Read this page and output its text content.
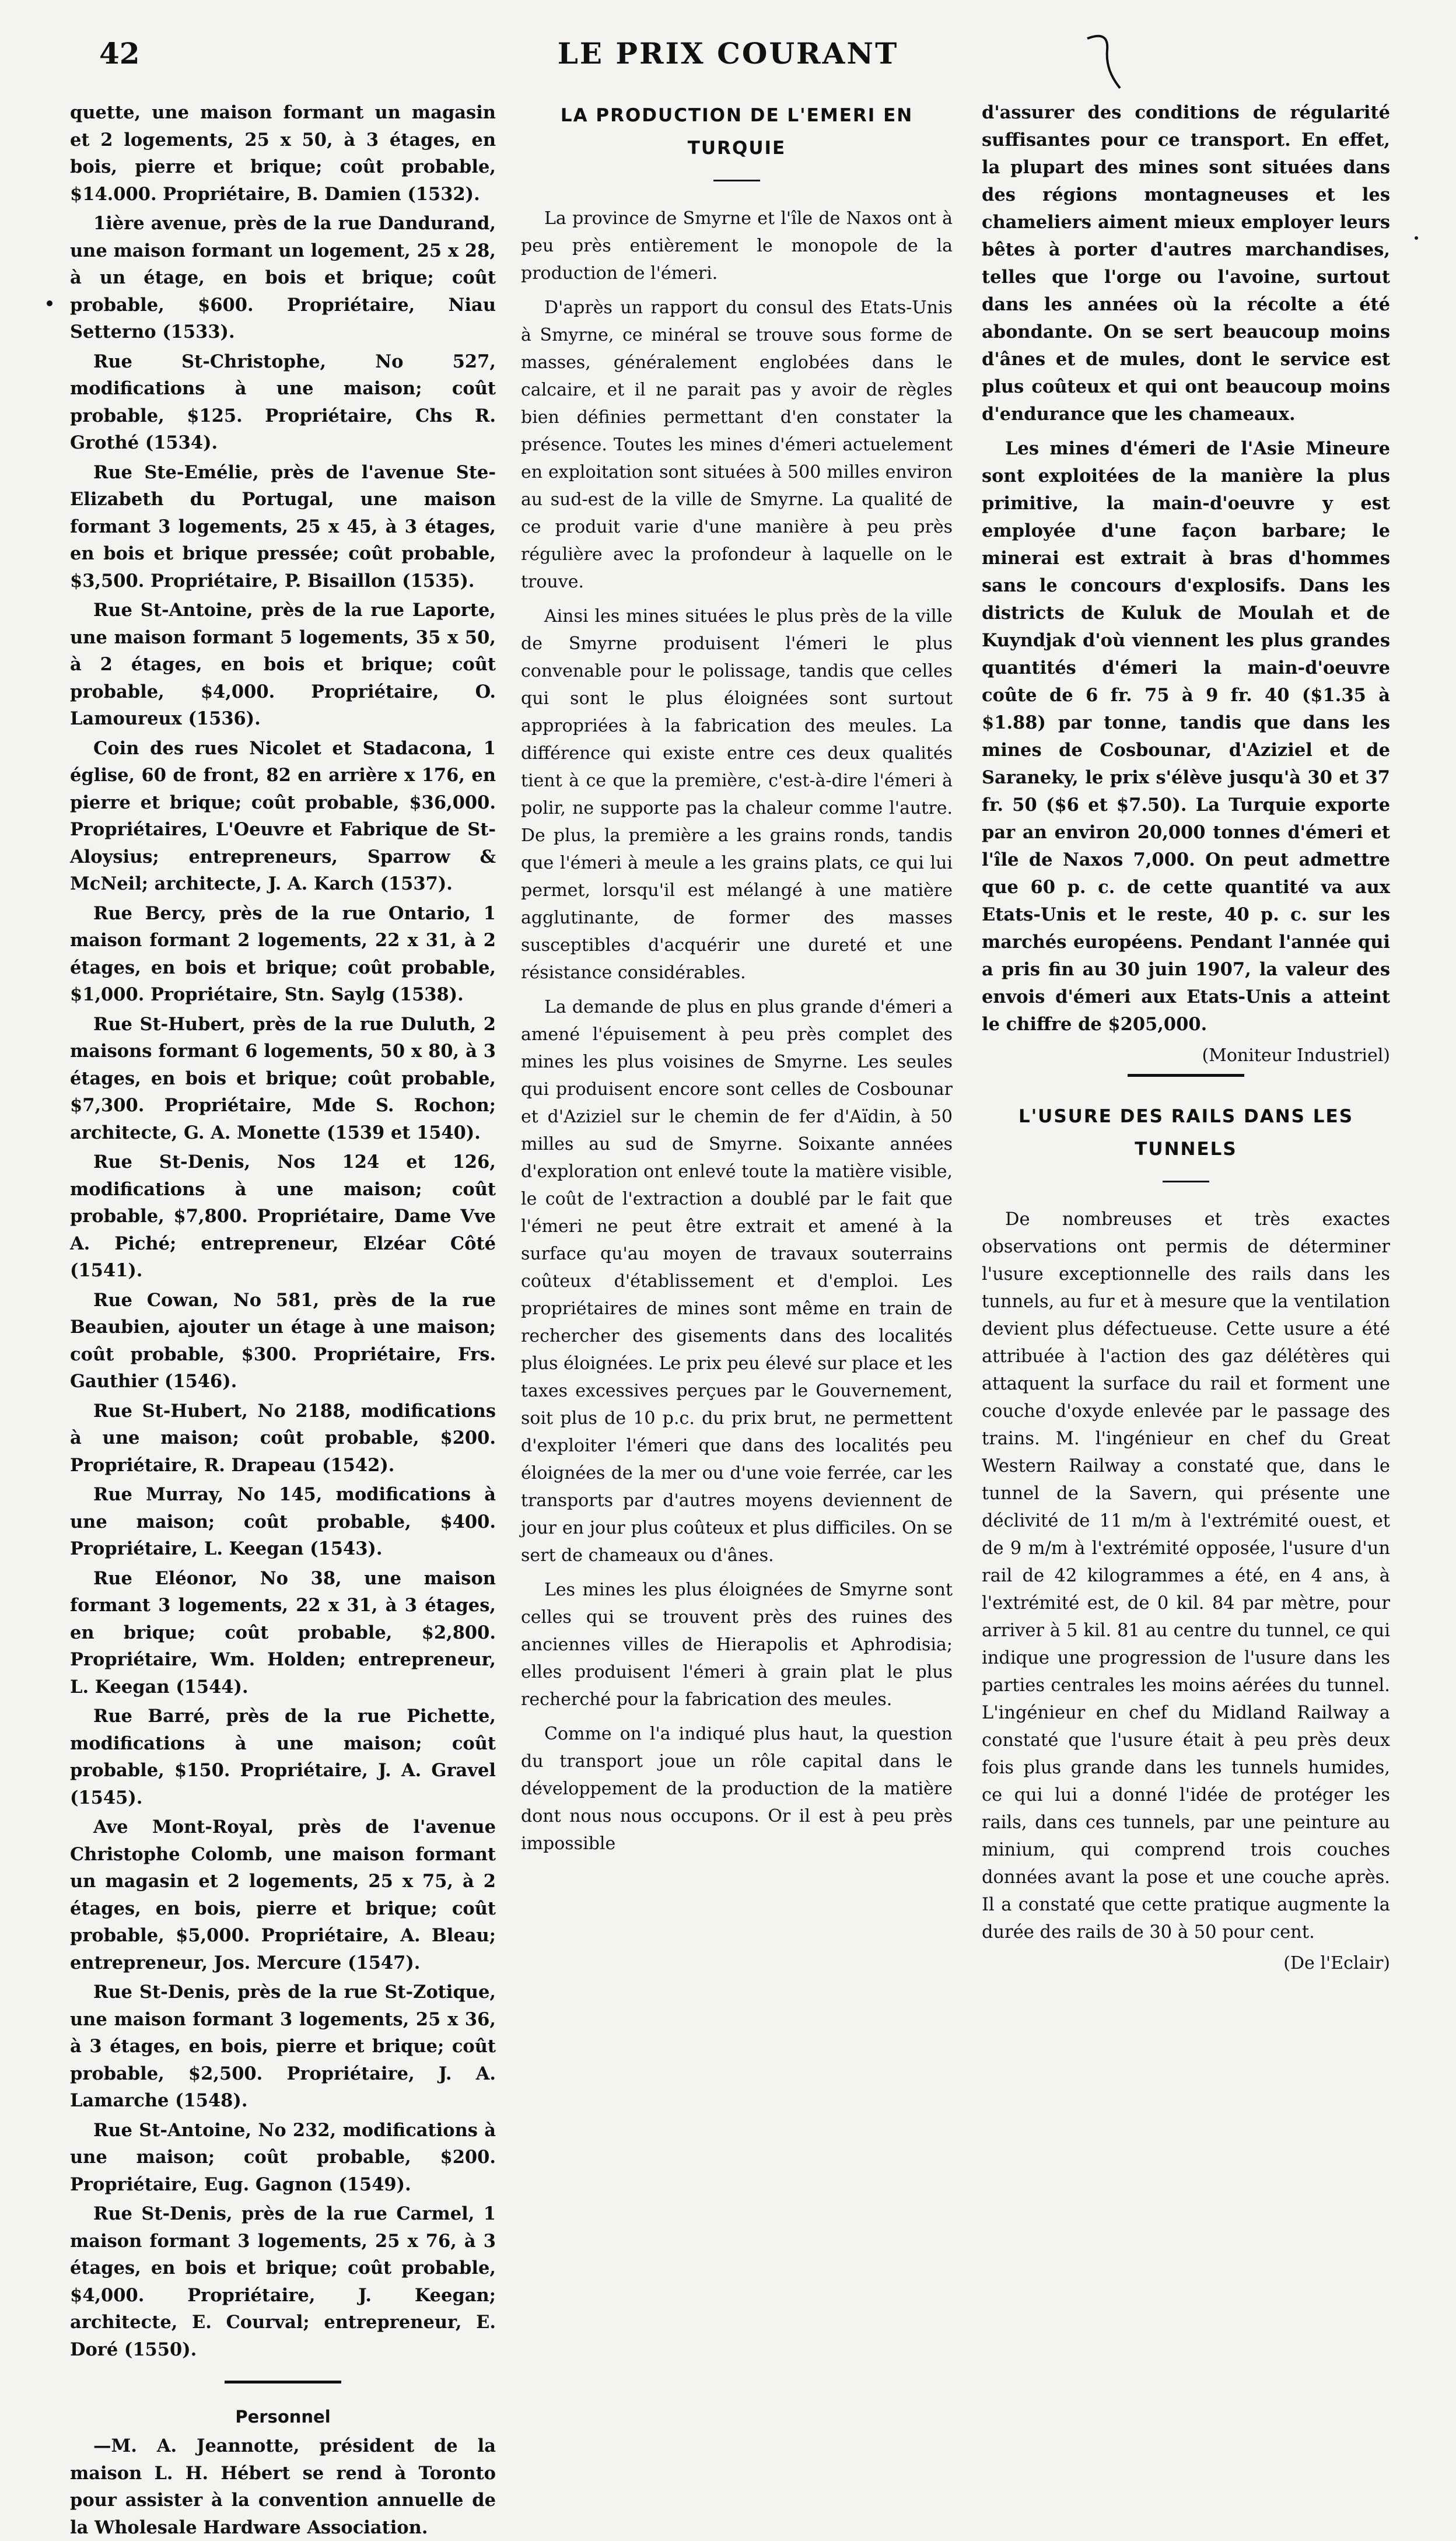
42	LE PRIX COURANT

quette, une maison formant un magasin et 2 logements, 25 x 50, à 3 étages, en bois, pierre et brique; coût probable, $14.000. Propriétaire, B. Damien (1532).

1ière avenue, près de la rue Dandurand, une maison formant un logement, 25 x 28, à un étage, en bois et brique; coût probable, $600. Propriétaire, Niau Setterno (1533).

Rue St-Christophe, No 527, modifications à une maison; coût probable, $125. Propriétaire, Chs R. Grothé (1534).

Rue Ste-Emélie, près de l'avenue Ste-Elizabeth du Portugal, une maison formant 3 logements, 25 x 45, à 3 étages, en bois et brique pressée; coût probable, $3,500. Propriétaire, P. Bisaillon (1535).

Rue St-Antoine, près de la rue Laporte, une maison formant 5 logements, 35 x 50, à 2 étages, en bois et brique; coût probable, $4,000. Propriétaire, O. Lamoureux (1536).

Coin des rues Nicolet et Stadacona, 1 église, 60 de front, 82 en arrière x 176, en pierre et brique; coût probable, $36,000. Propriétaires, L'Oeuvre et Fabrique de St-Aloysius; entrepreneurs, Sparrow & McNeil; architecte, J. A. Karch (1537).

Rue Bercy, près de la rue Ontario, 1 maison formant 2 logements, 22 x 31, à 2 étages, en bois et brique; coût probable, $1,000. Propriétaire, Stn. Saylg (1538).

Rue St-Hubert, près de la rue Duluth, 2 maisons formant 6 logements, 50 x 80, à 3 étages, en bois et brique; coût probable, $7,300. Propriétaire, Mde S. Rochon; architecte, G. A. Monette (1539 et 1540).

Rue St-Denis, Nos 124 et 126, modifications à une maison; coût probable, $7,800. Propriétaire, Dame Vve A. Piché; entrepreneur, Elzéar Côté (1541).

Rue Cowan, No 581, près de la rue Beaubien, ajouter un étage à une maison; coût probable, $300. Propriétaire, Frs. Gauthier (1546).

Rue St-Hubert, No 2188, modifications à une maison; coût probable, $200. Propriétaire, R. Drapeau (1542).

Rue Murray, No 145, modifications à une maison; coût probable, $400. Propriétaire, L. Keegan (1543).

Rue Eléonor, No 38, une maison formant 3 logements, 22 x 31, à 3 étages, en brique; coût probable, $2,800. Propriétaire, Wm. Holden; entrepreneur, L. Keegan (1544).

Rue Barré, près de la rue Pichette, modifications à une maison; coût probable, $150. Propriétaire, J. A. Gravel (1545).

Ave Mont-Royal, près de l'avenue Christophe Colomb, une maison formant un magasin et 2 logements, 25 x 75, à 2 étages, en bois, pierre et brique; coût probable, $5,000. Propriétaire, A. Bleau; entrepreneur, Jos. Mercure (1547).

Rue St-Denis, près de la rue St-Zotique, une maison formant 3 logements, 25 x 36, à 3 étages, en bois, pierre et brique; coût probable, $2,500. Propriétaire, J. A. Lamarche (1548).

Rue St-Antoine, No 232, modifications à une maison; coût probable, $200. Propriétaire, Eug. Gagnon (1549).

Rue St-Denis, près de la rue Carmel, 1 maison formant 3 logements, 25 x 76, à 3 étages, en bois et brique; coût probable, $4,000. Propriétaire, J. Keegan; architecte, E. Courval; entrepreneur, E. Doré (1550).

Personnel

—M. A. Jeannotte, président de la maison L. H. Hébert se rend à Toronto pour assister à la convention annuelle de la Wholesale Hardware Association.

LA PRODUCTION DE L'EMERI EN TURQUIE

La province de Smyrne et l'île de Naxos ont à peu près entièrement le monopole de la production de l'émeri.

D'après un rapport du consul des Etats-Unis à Smyrne, ce minéral se trouve sous forme de masses, généralement englobées dans le calcaire, et il ne parait pas y avoir de règles bien définies permettant d'en constater la présence. Toutes les mines d'émeri actuelement en exploitation sont situées à 500 milles environ au sud-est de la ville de Smyrne. La qualité de ce produit varie d'une manière à peu près régulière avec la profondeur à laquelle on le trouve.

Ainsi les mines situées le plus près de la ville de Smyrne produisent l'émeri le plus convenable pour le polissage, tandis que celles qui sont le plus éloignées sont surtout appropriées à la fabrication des meules. La différence qui existe entre ces deux qualités tient à ce que la première, c'est-à-dire l'émeri à polir, ne supporte pas la chaleur comme l'autre. De plus, la première a les grains ronds, tandis que l'émeri à meule a les grains plats, ce qui lui permet, lorsqu'il est mélangé à une matière agglutinante, de former des masses susceptibles d'acquérir une dureté et une résistance considérables.

La demande de plus en plus grande d'émeri a amené l'épuisement à peu près complet des mines les plus voisines de Smyrne. Les seules qui produisent encore sont celles de Cosbounar et d'Aziziel sur le chemin de fer d'Aïdin, à 50 milles au sud de Smyrne. Soixante années d'exploration ont enlevé toute la matière visible, le coût de l'extraction a doublé par le fait que l'émeri ne peut être extrait et amené à la surface qu'au moyen de travaux souterrains coûteux d'établissement et d'emploi. Les propriétaires de mines sont même en train de rechercher des gisements dans des localités plus éloignées. Le prix peu élevé sur place et les taxes excessives perçues par le Gouvernement, soit plus de 10 p.c. du prix brut, ne permettent d'exploiter l'émeri que dans des localités peu éloignées de la mer ou d'une voie ferrée, car les transports par d'autres moyens deviennent de jour en jour plus coûteux et plus difficiles. On se sert de chameaux ou d'ânes.

Les mines les plus éloignées de Smyrne sont celles qui se trouvent près des ruines des anciennes villes de Hierapolis et Aphrodisia; elles produisent l'émeri à grain plat le plus recherché pour la fabrication des meules.

Comme on l'a indiqué plus haut, la question du transport joue un rôle capital dans le développement de la production de la matière dont nous nous occupons. Or il est à peu près impossible

d'assurer des conditions de régularité suffisantes pour ce transport. En effet, la plupart des mines sont situées dans des régions montagneuses et les chameliers aiment mieux employer leurs bêtes à porter d'autres marchandises, telles que l'orge ou l'avoine, surtout dans les années où la récolte a été abondante. On se sert beaucoup moins d'ânes et de mules, dont le service est plus coûteux et qui ont beaucoup moins d'endurance que les chameaux.

Les mines d'émeri de l'Asie Mineure sont exploitées de la manière la plus primitive, la main-d'oeuvre y est employée d'une façon barbare; le minerai est extrait à bras d'hommes sans le concours d'explosifs. Dans les districts de Kuluk de Moulah et de Kuyndjak d'où viennent les plus grandes quantités d'émeri la main-d'oeuvre coûte de 6 fr. 75 à 9 fr. 40 ($1.35 à $1.88) par tonne, tandis que dans les mines de Cosbounar, d'Aziziel et de Saraneky, le prix s'élève jusqu'à 30 et 37 fr. 50 ($6 et $7.50). La Turquie exporte par an environ 20,000 tonnes d'émeri et l'île de Naxos 7,000. On peut admettre que 60 p. c. de cette quantité va aux Etats-Unis et le reste, 40 p. c. sur les marchés européens. Pendant l'année qui a pris fin au 30 juin 1907, la valeur des envois d'émeri aux Etats-Unis a atteint le chiffre de $205,000.

(Moniteur Industriel)
L'USURE DES RAILS DANS LES TUNNELS

De nombreuses et très exactes observations ont permis de déterminer l'usure exceptionnelle des rails dans les tunnels, au fur et à mesure que la ventilation devient plus défectueuse. Cette usure a été attribuée à l'action des gaz délétères qui attaquent la surface du rail et forment une couche d'oxyde enlevée par le passage des trains. M. l'ingénieur en chef du Great Western Railway a constaté que, dans le tunnel de la Savern, qui présente une déclivité de 11 m/m à l'extrémité ouest, et de 9 m/m à l'extrémité opposée, l'usure d'un rail de 42 kilogrammes a été, en 4 ans, à l'extrémité est, de 0 kil. 84 par mètre, pour arriver à 5 kil. 81 au centre du tunnel, ce qui indique une progression de l'usure dans les parties centrales les moins aérées du tunnel. L'ingénieur en chef du Midland Railway a constaté que l'usure était à peu près deux fois plus grande dans les tunnels humides, ce qui lui a donné l'idée de protéger les rails, dans ces tunnels, par une peinture au minium, qui comprend trois couches données avant la pose et une couche après. Il a constaté que cette pratique augmente la durée des rails de 30 à 50 pour cent.

(De l'Eclair)
